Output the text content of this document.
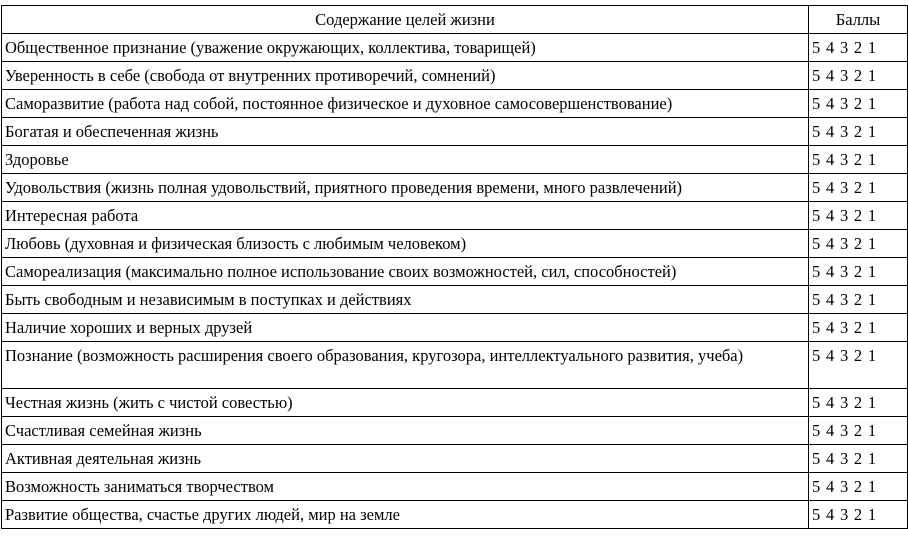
Содержание целей жизни	Баллы
Общественное признание (уважение окружающих, коллектива, товарищей)	5 4 3 2 1
Уверенность в себе (свобода от внутренних противоречий, сомнений)	5 4 3 2 1
Саморазвитие (работа над собой, постоянное физическое и духовное самосовершенствование)	5 4 3 2 1
Богатая и обеспеченная жизнь	5 4 3 2 1
Здоровье	5 4 3 2 1
Удовольствия (жизнь полная удовольствий, приятного проведения времени, много развлечений)	5 4 3 2 1
Интересная работа	5 4 3 2 1
Любовь (духовная и физическая близость с любимым человеком)	5 4 3 2 1
Самореализация (максимально полное использование своих возможностей, сил, способностей)	5 4 3 2 1
Быть свободным и независимым в поступках и действиях	5 4 3 2 1
Наличие хороших и верных друзей	5 4 3 2 1
Познание (возможность расширения своего образования, кругозора, интеллектуального развития, учеба)	5 4 3 2 1
Честная жизнь (жить с чистой совестью)	5 4 3 2 1
Счастливая семейная жизнь	5 4 3 2 1
Активная деятельная жизнь	5 4 3 2 1
Возможность заниматься творчеством	5 4 3 2 1
Развитие общества, счастье других людей, мир на земле	5 4 3 2 1
